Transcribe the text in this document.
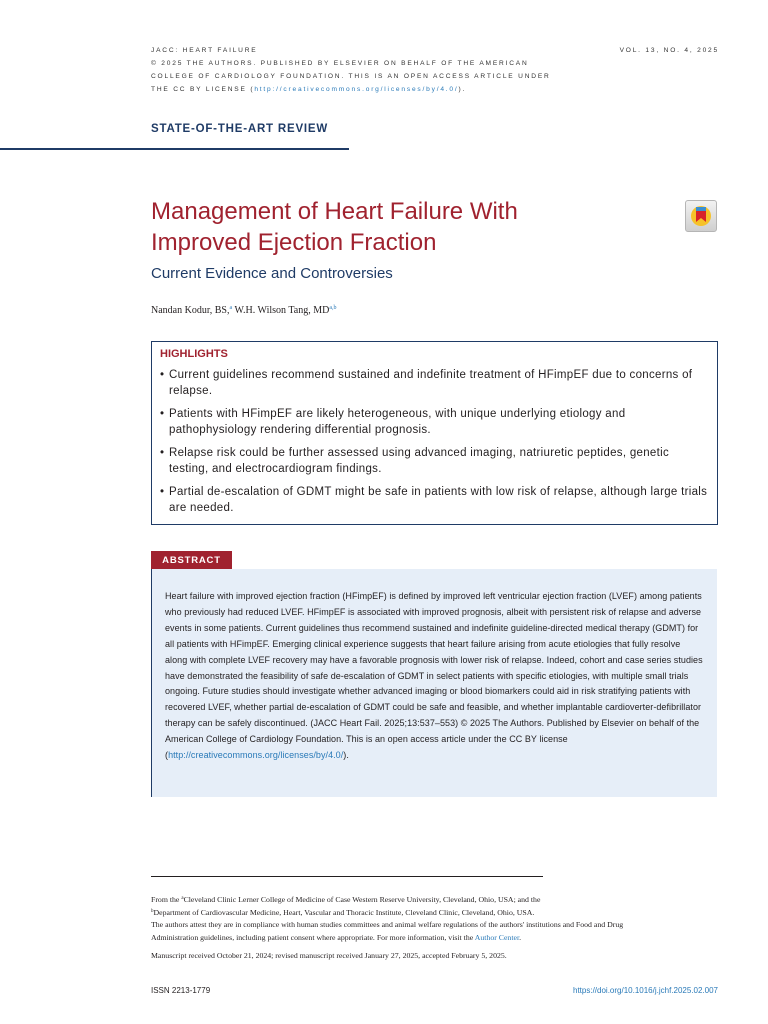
JACC: HEART FAILURE
© 2025 THE AUTHORS. PUBLISHED BY ELSEVIER ON BEHALF OF THE AMERICAN
COLLEGE OF CARDIOLOGY FOUNDATION. THIS IS AN OPEN ACCESS ARTICLE UNDER
THE CC BY LICENSE (http://creativecommons.org/licenses/by/4.0/).
VOL. 13, NO. 4, 2025
STATE-OF-THE-ART REVIEW
Management of Heart Failure With
Improved Ejection Fraction
Current Evidence and Controversies
Nandan Kodur, BS,$^a$ W.H. Wilson Tang, MD$^{a,b}$
HIGHLIGHTS
• Current guidelines recommend sustained and indefinite treatment of HFimpEF due to concerns of relapse.
• Patients with HFimpEF are likely heterogeneous, with unique underlying etiology and pathophysiology rendering differential prognosis.
• Relapse risk could be further assessed using advanced imaging, natriuretic peptides, genetic testing, and electrocardiogram findings.
• Partial de-escalation of GDMT might be safe in patients with low risk of relapse, although large trials are needed.
ABSTRACT
Heart failure with improved ejection fraction (HFimpEF) is defined by improved left ventricular ejection fraction (LVEF) among patients who previously had reduced LVEF. HFimpEF is associated with improved prognosis, albeit with persistent risk of relapse and adverse events in some patients. Current guidelines thus recommend sustained and indefinite guideline-directed medical therapy (GDMT) for all patients with HFimpEF. Emerging clinical experience suggests that heart failure arising from acute etiologies that fully resolve along with complete LVEF recovery may have a favorable prognosis with lower risk of relapse. Indeed, cohort and case series studies have demonstrated the feasibility of safe de-escalation of GDMT in select patients with specific etiologies, with multiple small trials ongoing. Future studies should investigate whether advanced imaging or blood biomarkers could aid in risk stratifying patients with recovered LVEF, whether partial de-escalation of GDMT could be safe and feasible, and whether implantable cardioverter-defibrillator therapy can be safely discontinued. (JACC Heart Fail. 2025;13:537–553) © 2025 The Authors. Published by Elsevier on behalf of the American College of Cardiology Foundation. This is an open access article under the CC BY license (http://creativecommons.org/licenses/by/4.0/).

From the $^a$Cleveland Clinic Lerner College of Medicine of Case Western Reserve University, Cleveland, Ohio, USA; and the
$^b$Department of Cardiovascular Medicine, Heart, Vascular and Thoracic Institute, Cleveland Clinic, Cleveland, Ohio, USA.

The authors attest they are in compliance with human studies committees and animal welfare regulations of the authors' institutions and Food and Drug Administration guidelines, including patient consent where appropriate. For more information, visit the Author Center.

Manuscript received October 21, 2024; revised manuscript received January 27, 2025, accepted February 5, 2025.

ISSN 2213-1779	https://doi.org/10.1016/j.jchf.2025.02.007
